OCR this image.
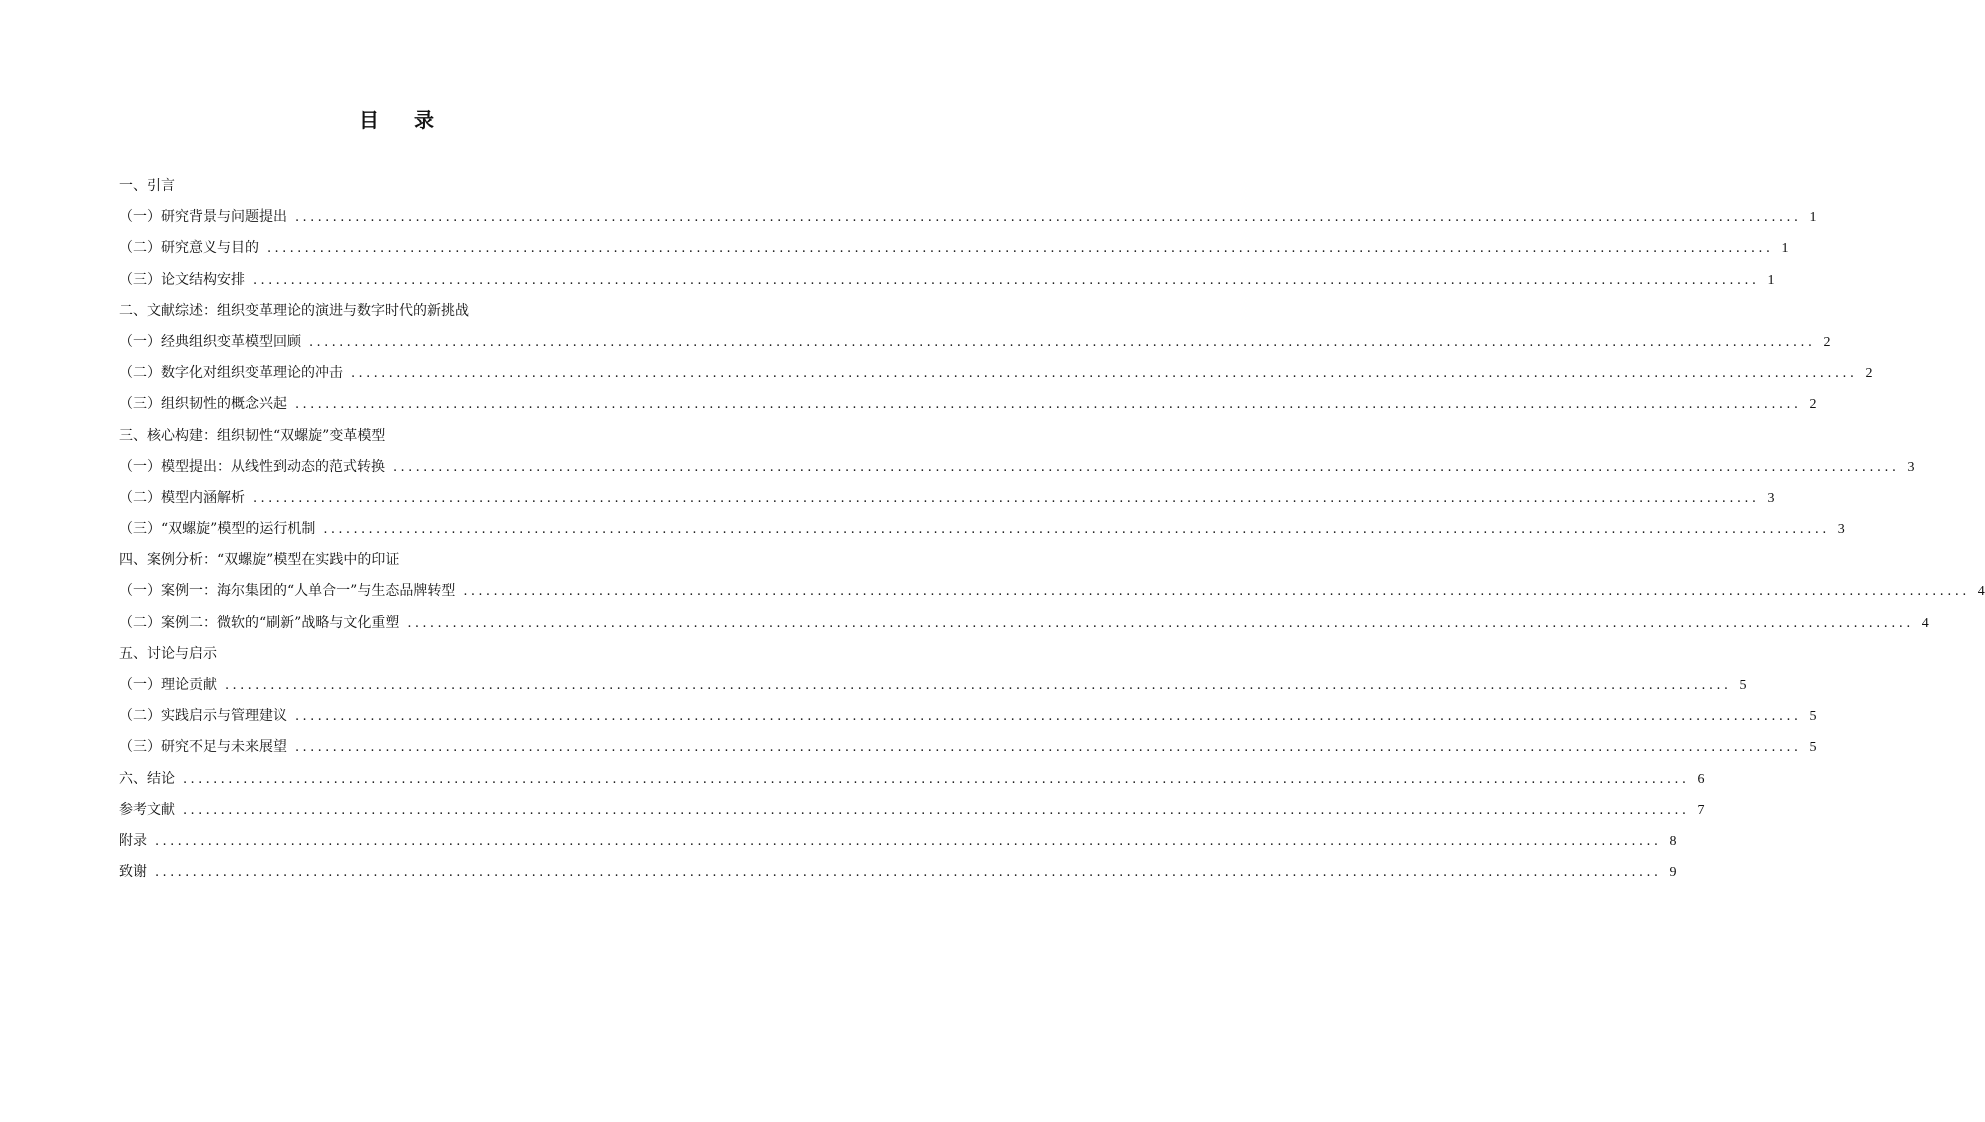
目 录
一、引言
（一）研究背景与问题提出 ........................................................................................................................................................................................................ 1
（二）研究意义与目的 ........................................................................................................................................................................................................ 1
（三）论文结构安排 ........................................................................................................................................................................................................ 1
二、文献综述：组织变革理论的演进与数字时代的新挑战
（一）经典组织变革模型回顾 ........................................................................................................................................................................................................ 2
（二）数字化对组织变革理论的冲击 ........................................................................................................................................................................................................ 2
（三）组织韧性的概念兴起 ........................................................................................................................................................................................................ 2
三、核心构建：组织韧性“双螺旋”变革模型
（一）模型提出：从线性到动态的范式转换 ........................................................................................................................................................................................................ 3
（二）模型内涵解析 ........................................................................................................................................................................................................ 3
（三）“双螺旋”模型的运行机制 ........................................................................................................................................................................................................ 3
四、案例分析：“双螺旋”模型在实践中的印证
（一）案例一：海尔集团的“人单合一”与生态品牌转型 ........................................................................................................................................................................................................ 4
（二）案例二：微软的“刷新”战略与文化重塑 ........................................................................................................................................................................................................ 4
五、讨论与启示
（一）理论贡献 ........................................................................................................................................................................................................ 5
（二）实践启示与管理建议 ........................................................................................................................................................................................................ 5
（三）研究不足与未来展望 ........................................................................................................................................................................................................ 5
六、结论 ........................................................................................................................................................................................................ 6
参考文献 ........................................................................................................................................................................................................ 7
附录 ........................................................................................................................................................................................................ 8
致谢 ........................................................................................................................................................................................................ 9
